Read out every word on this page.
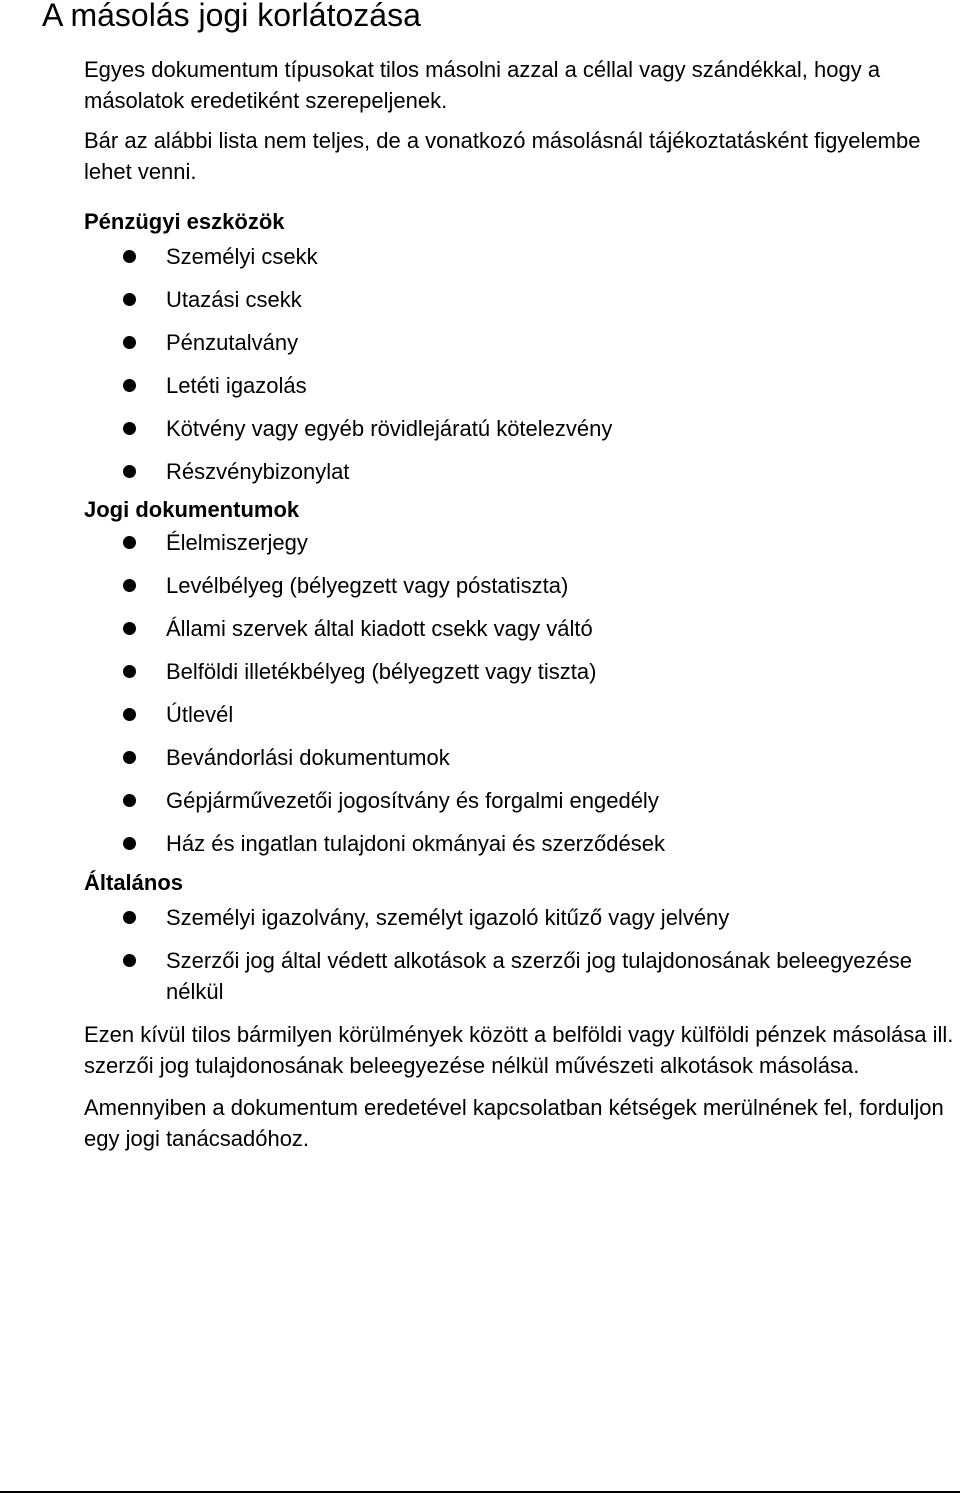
A másolás jogi korlátozása

Egyes dokumentum típusokat tilos másolni azzal a céllal vagy szándékkal, hogy a másolatok eredetiként szerepeljenek.

Bár az alábbi lista nem teljes, de a vonatkozó másolásnál tájékoztatásként figyelembe lehet venni.

Pénzügyi eszközök
Személyi csekk
Utazási csekk
Pénzutalvány
Letéti igazolás
Kötvény vagy egyéb rövidlejáratú kötelezvény
Részvénybizonylat
Jogi dokumentumok
Élelmiszerjegy
Levélbélyeg (bélyegzett vagy póstatiszta)
Állami szervek által kiadott csekk vagy váltó
Belföldi illetékbélyeg (bélyegzett vagy tiszta)
Útlevél
Bevándorlási dokumentumok
Gépjárművezetői jogosítvány és forgalmi engedély
Ház és ingatlan tulajdoni okmányai és szerződések
Általános
Személyi igazolvány, személyt igazoló kitűző vagy jelvény
Szerzői jog által védett alkotások a szerzői jog tulajdonosának beleegyezése nélkül

Ezen kívül tilos bármilyen körülmények között a belföldi vagy külföldi pénzek másolása ill. szerzői jog tulajdonosának beleegyezése nélkül művészeti alkotások másolása.

Amennyiben a dokumentum eredetével kapcsolatban kétségek merülnének fel, forduljon egy jogi tanácsadóhoz.
